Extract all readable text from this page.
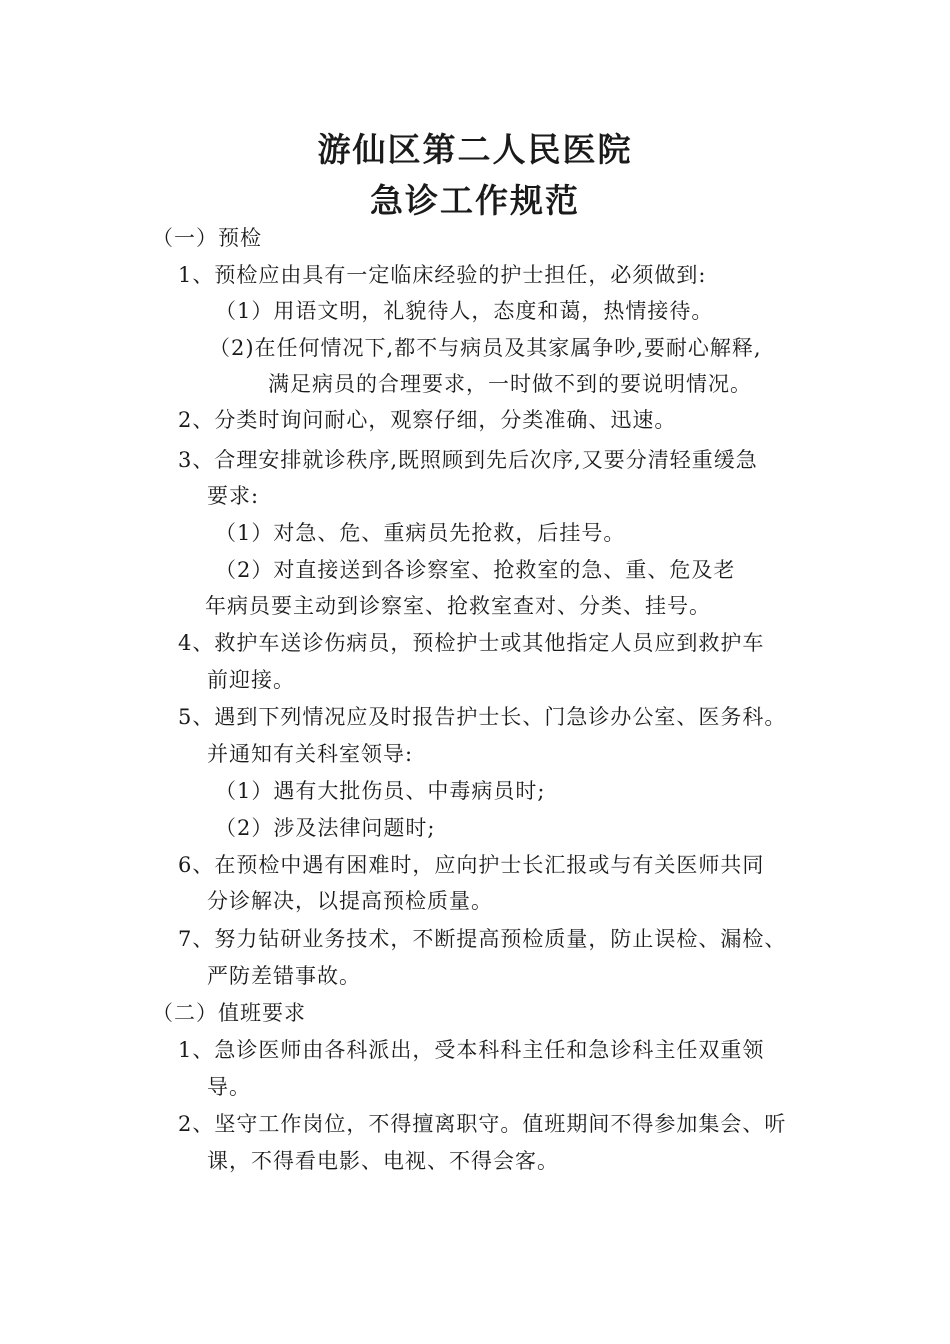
游仙区第二人民医院
急诊工作规范
（一）预检
1、预检应由具有一定临床经验的护士担任，必须做到:
（1）用语文明，礼貌待人，态度和蔼，热情接待。
（2)在任何情况下,都不与病员及其家属争吵,要耐心解释,
满足病员的合理要求，一时做不到的要说明情况。
2、分类时询问耐心，观察仔细，分类准确、迅速。
3、合理安排就诊秩序,既照顾到先后次序,又要分清轻重缓急
要求:
（1）对急、危、重病员先抢救，后挂号。
（2）对直接送到各诊察室、抢救室的急、重、危及老
年病员要主动到诊察室、抢救室查对、分类、挂号。
4、救护车送诊伤病员，预检护士或其他指定人员应到救护车
前迎接。
5、遇到下列情况应及时报告护士长、门急诊办公室、医务科。
并通知有关科室领导:
（1）遇有大批伤员、中毒病员时;
（2）涉及法律问题时;
6、在预检中遇有困难时，应向护士长汇报或与有关医师共同
分诊解决，以提高预检质量。
7、努力钻研业务技术，不断提高预检质量，防止误检、漏检、
严防差错事故。
（二）值班要求
1、急诊医师由各科派出，受本科科主任和急诊科主任双重领
导。
2、坚守工作岗位，不得擅离职守。值班期间不得参加集会、听
课，不得看电影、电视、不得会客。
